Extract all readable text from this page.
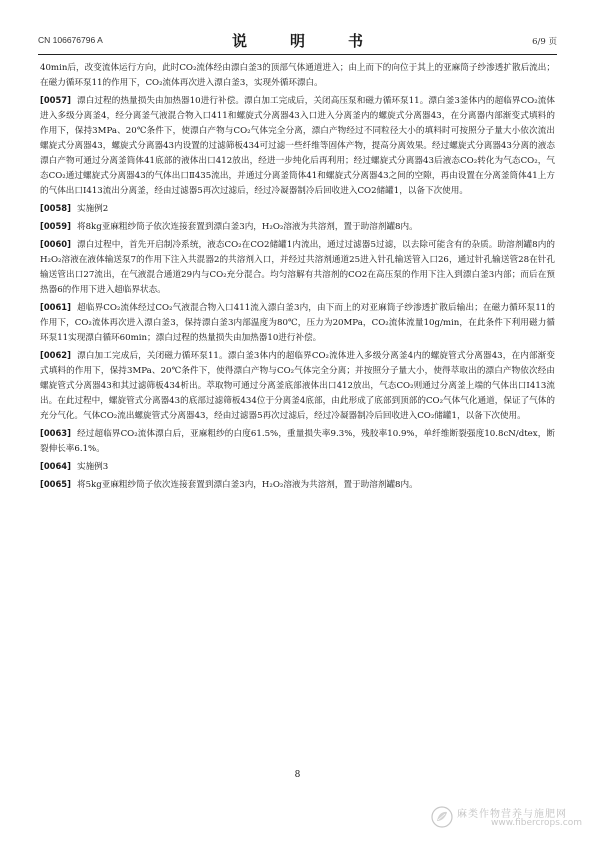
CN 106676796 A	说　明　书	6/9 页

40min后，改变流体运行方向，此时CO₂流体经由漂白釜3的顶部气体通道进入；由上而下的向位于其上的亚麻筒子纱渗透扩散后流出；在磁力循环泵11的作用下，CO₂流体再次进入漂白釜3，实现外循环漂白。

[0057] 漂白过程的热量损失由加热器10进行补偿。漂白加工完成后，关闭高压泵和磁力循环泵11。漂白釜3釜体内的超临界CO₂流体进入多级分离釜4，经分离釜气液混合物入口411和螺旋式分离器43入口进入分离釜内的螺旋式分离器43，在分离器内部渐变式填料的作用下，保持3MPa、20℃条件下，使漂白产物与CO₂气体完全分离，漂白产物经过不同粒径大小的填料时可按照分子量大小依次流出螺旋式分离器43，螺旋式分离器43内设置的过滤筛板434可过滤一些纤维等固体产物，提高分离效果。经过螺旋式分离器43分离的液态漂白产物可通过分离釜筒体41底部的液体出口412放出，经进一步纯化后再利用；经过螺旋式分离器43后液态CO₂转化为气态CO₂，气态CO₂通过螺旋式分离器43的气体出口Ⅱ435流出，并通过分离釜筒体41和螺旋式分离器43之间的空隙，再由设置在分离釜筒体41上方的气体出口Ⅰ413流出分离釜，经由过滤器5再次过滤后，经过冷凝器制冷后回收进入CO2储罐1，以备下次使用。

[0058] 实施例2

[0059] 将8kg亚麻粗纱筒子依次连接套置到漂白釜3内，H₂O₂溶液为共溶剂，置于助溶剂罐8内。

[0060] 漂白过程中，首先开启制冷系统，液态CO₂在CO2储罐1内流出，通过过滤器5过滤，以去除可能含有的杂质。助溶剂罐8内的H₂O₂溶液在液体输送泵7的作用下注入共混器2的共溶剂入口，并经过共溶剂通道25进入针孔输送管入口26，通过针孔输送管28在针孔输送管出口27流出，在气液混合通道29内与CO₂充分混合。均匀溶解有共溶剂的CO2在高压泵的作用下注入到漂白釜3内部；而后在预热器6的作用下进入超临界状态。

[0061] 超临界CO₂流体经过CO₂气液混合物入口411流入漂白釜3内，由下而上的对亚麻筒子纱渗透扩散后输出；在磁力循环泵11的作用下，CO₂流体再次进入漂白釜3，保持漂白釜3内部温度为80℃，压力为20MPa，CO₂流体流量10g/min，在此条件下利用磁力循环泵11实现漂白循环60min；漂白过程的热量损失由加热器10进行补偿。

[0062] 漂白加工完成后，关闭磁力循环泵11。漂白釜3体内的超临界CO₂流体进入多级分离釜4内的螺旋管式分离器43，在内部渐变式填料的作用下，保持3MPa、20℃条件下，使得漂白产物与CO₂气体完全分离；并按照分子量大小，使得萃取出的漂白产物依次经由螺旋管式分离器43和其过滤筛板434析出。萃取物可通过分离釜底部液体出口412放出，气态CO₂则通过分离釜上端的气体出口Ⅰ413流出。在此过程中，螺旋管式分离器43的底部过滤筛板434位于分离釜4底部，由此形成了底部到顶部的CO₂气体气化通道，保证了气体的充分气化。气体CO₂流出螺旋管式分离器43，经由过滤器5再次过滤后，经过冷凝器制冷后回收进入CO₂储罐1，以备下次使用。

[0063] 经过超临界CO₂流体漂白后，亚麻粗纱的白度61.5%，重量损失率9.3%，残胶率10.9%，单纤维断裂强度10.8cN/dtex，断裂伸长率6.1%。

[0064] 实施例3

[0065] 将5kg亚麻粗纱筒子依次连接套置到漂白釜3内，H₂O₂溶液为共溶剂，置于助溶剂罐8内。

8
麻类作物营养与施肥网
www.fibercrops.com
